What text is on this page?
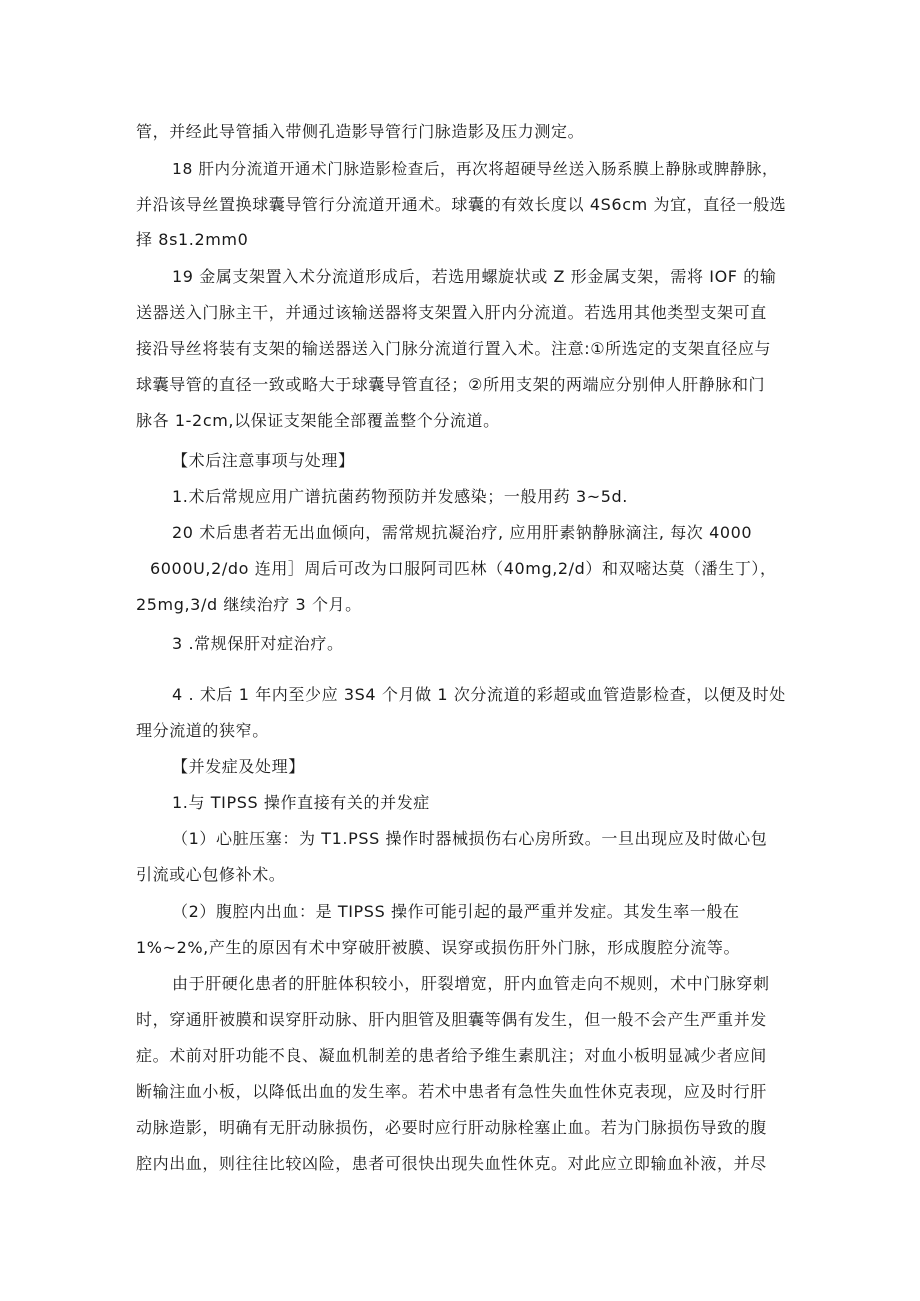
管，并经此导管插入带侧孔造影导管行门脉造影及压力测定。
18 肝内分流道开通术门脉造影检查后，再次将超硬导丝送入肠系膜上静脉或脾静脉，
并沿该导丝置换球囊导管行分流道开通术。球囊的有效长度以 4S6cm 为宜，直径一般选
择 8s1.2mm0
19 金属支架置入术分流道形成后，若选用螺旋状或 Z 形金属支架，需将 IOF 的输
送器送入门脉主干，并通过该输送器将支架置入肝内分流道。若选用其他类型支架可直
接沿导丝将装有支架的输送器送入门脉分流道行置入术。注意:①所选定的支架直径应与
球囊导管的直径一致或略大于球囊导管直径；②所用支架的两端应分别伸人肝静脉和门
脉各 1-2cm,以保证支架能全部覆盖整个分流道。
【术后注意事项与处理】
1.术后常规应用广谱抗菌药物预防并发感染；一般用药 3~5d.
20 术后患者若无出血倾向，需常规抗凝治疗, 应用肝素钠静脉滴注, 每次 4000
6000U,2/do 连用］周后可改为口服阿司匹林（40mg,2/d）和双嘧达莫（潘生丁），
25mg,3/d 继续治疗 3 个月。
3 .常规保肝对症治疗。
4 . 术后 1 年内至少应 3S4 个月做 1 次分流道的彩超或血管造影检查，以便及时处
理分流道的狭窄。
【并发症及处理】
1.与 TIPSS 操作直接有关的并发症
（1）心脏压塞：为 T1.PSS 操作时器械损伤右心房所致。一旦出现应及时做心包
引流或心包修补术。
（2）腹腔内出血：是 TIPSS 操作可能引起的最严重并发症。其发生率一般在
1%~2%,产生的原因有术中穿破肝被膜、误穿或损伤肝外门脉，形成腹腔分流等。
由于肝硬化患者的肝脏体积较小，肝裂增宽，肝内血管走向不规则，术中门脉穿刺
时，穿通肝被膜和误穿肝动脉、肝内胆管及胆囊等偶有发生，但一般不会产生严重并发
症。术前对肝功能不良、凝血机制差的患者给予维生素肌注；对血小板明显减少者应间
断输注血小板，以降低出血的发生率。若术中患者有急性失血性休克表现，应及时行肝
动脉造影，明确有无肝动脉损伤，必要时应行肝动脉栓塞止血。若为门脉损伤导致的腹
腔内出血，则往往比较凶险，患者可很快出现失血性休克。对此应立即输血补液，并尽
